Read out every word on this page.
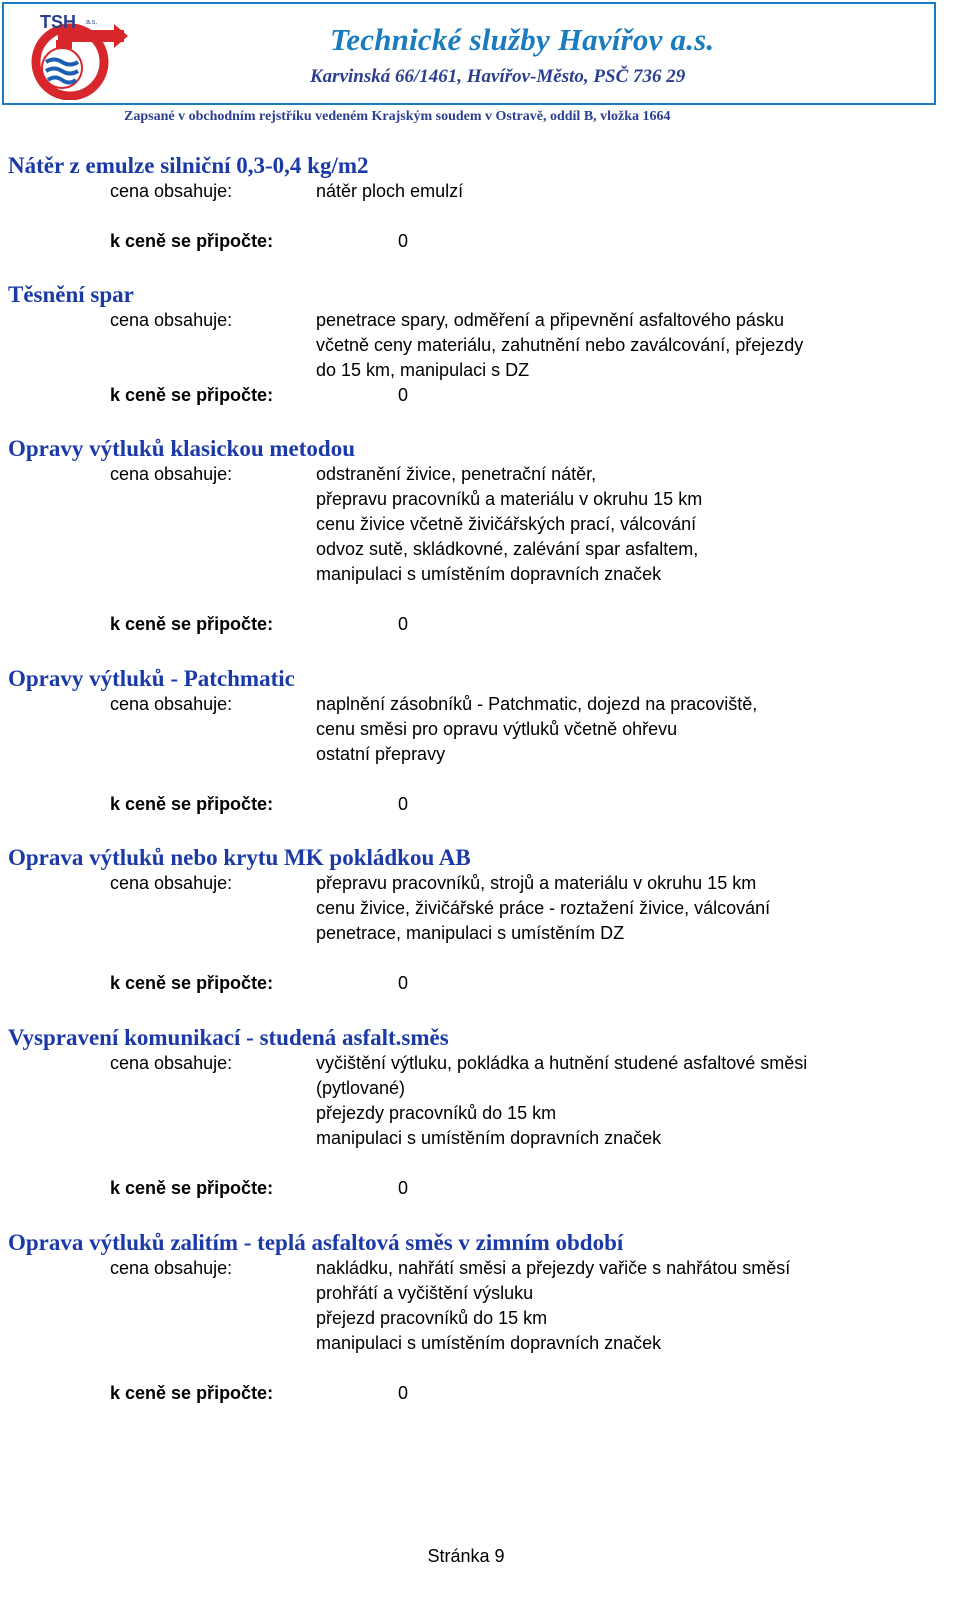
TSH a.s.	Technické služby Havířov a.s.
Karvinská 66/1461, Havířov-Město, PSČ 736 29
Zapsané v obchodním rejstříku vedeném Krajským soudem v Ostravě, oddíl B, vložka 1664
Nátěr z emulze silniční 0,3-0,4 kg/m2
cena obsahuje:	nátěr ploch emulzí
k ceně se připočte:	0
Těsnění spar
cena obsahuje:	penetrace spary, odměření a připevnění asfaltového pásku
včetně ceny materiálu, zahutnění nebo zaválcování, přejezdy
do 15 km, manipulaci s DZ
k ceně se připočte:	0
Opravy výtluků klasickou metodou
cena obsahuje:	odstranění živice, penetrační nátěr,
přepravu pracovníků a materiálu v okruhu 15 km
cenu živice včetně živičářských prací, válcování
odvoz sutě, skládkovné, zalévání spar asfaltem,
manipulaci s umístěním dopravních značek
k ceně se připočte:	0
Opravy výtluků - Patchmatic
cena obsahuje:	naplnění zásobníků - Patchmatic, dojezd na pracoviště,
cenu směsi pro opravu výtluků včetně ohřevu
ostatní přepravy
k ceně se připočte:	0
Oprava výtluků nebo krytu MK pokládkou AB
cena obsahuje:	přepravu pracovníků, strojů a materiálu v okruhu 15 km
cenu živice, živičářské práce - roztažení živice, válcování
penetrace, manipulaci s umístěním DZ
k ceně se připočte:	0
Vyspravení komunikací - studená asfalt.směs
cena obsahuje:	vyčištění výtluku, pokládka a hutnění studené asfaltové směsi
(pytlované)
přejezdy pracovníků do 15 km
manipulaci s umístěním dopravních značek
k ceně se připočte:	0
Oprava výtluků zalitím - teplá asfaltová směs v zimním období
cena obsahuje:	nakládku, nahřátí směsi a přejezdy vařiče s nahřátou směsí
prohřátí a vyčištění výsluku
přejezd pracovníků do 15 km
manipulaci s umístěním dopravních značek
k ceně se připočte:	0
Stránka 9
